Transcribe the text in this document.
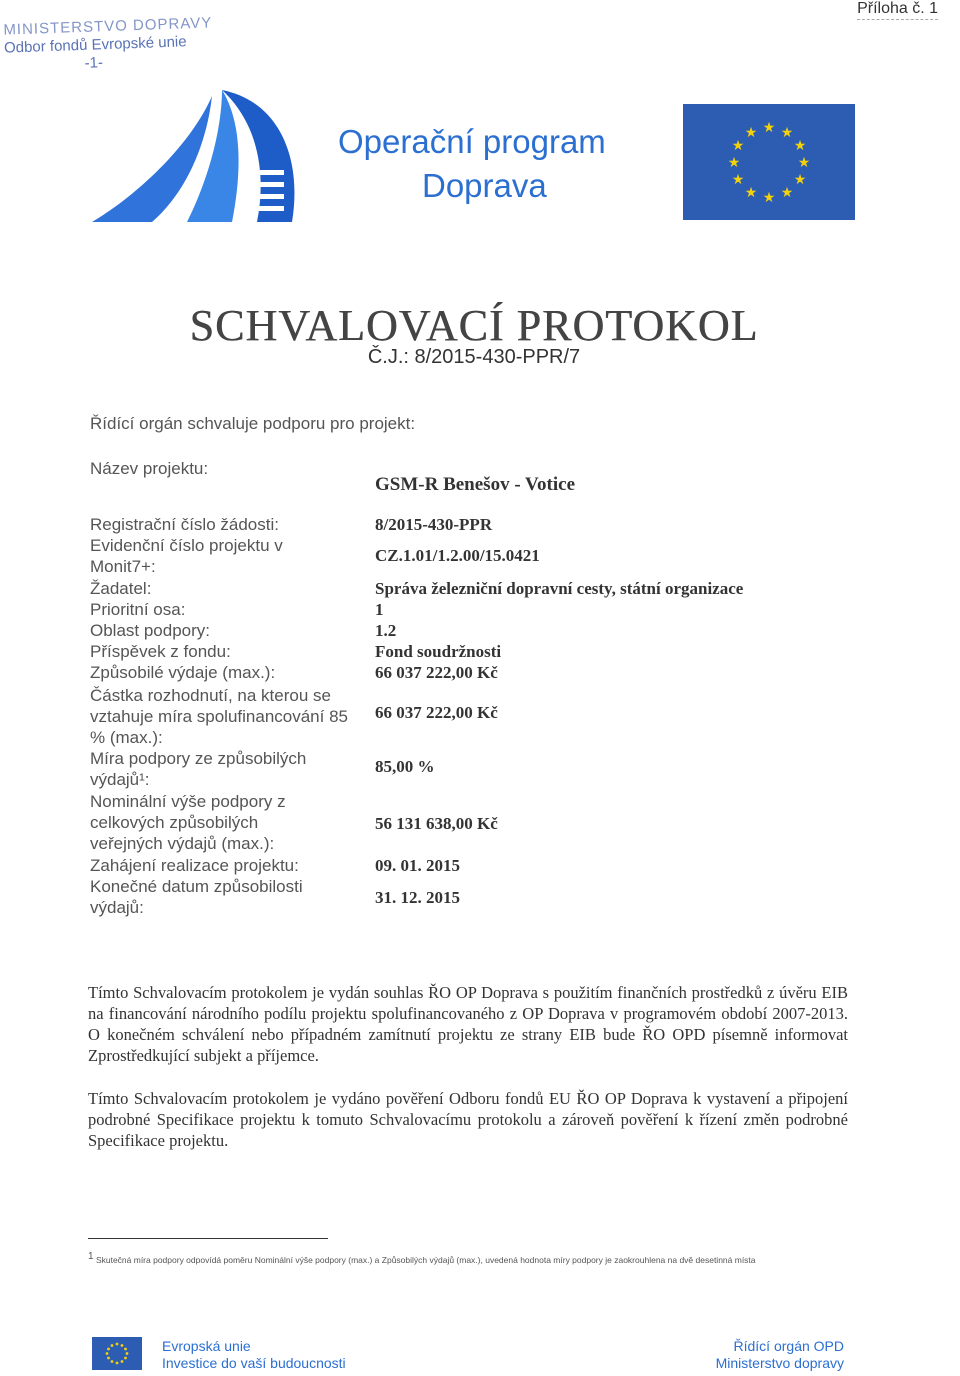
MINISTERSTVO DOPRAVY
Odbor fondů Evropské unie
-1-
Příloha č. 1
Operační program
Doprava
★ ★
★
★
★
★
★
★
★
★
★
★
SCHVALOVACÍ PROTOKOL
Č.J.: 8/2015-430-PPR/7
Řídící orgán schvaluje podporu pro projekt:
Název projektu:
GSM-R Benešov - Votice
Registrační číslo žádosti:	8/2015-430-PPR
Evidenční číslo projektu v Monit7+:
CZ.1.01/1.2.00/15.0421
Žadatel:	Správa železniční dopravní cesty, státní organizace
Prioritní osa:	1
Oblast podpory:	1.2
Příspěvek z fondu:	Fond soudržnosti
Způsobilé výdaje (max.):	66 037 222,00 Kč
Částka rozhodnutí, na kterou se vztahuje míra spolufinancování 85 % (max.):
66 037 222,00 Kč
Míra podpory ze způsobilých výdajů¹:
85,00 %
Nominální výše podpory z celkových způsobilých veřejných výdajů (max.):
56 131 638,00 Kč
Zahájení realizace projektu:	09. 01. 2015
Konečné datum způsobilosti výdajů:
31. 12. 2015
Tímto Schvalovacím protokolem je vydán souhlas ŘO OP Doprava s použitím finančních prostředků z úvěru EIB na financování národního podílu projektu spolufinancovaného z OP Doprava v programovém období 2007-2013. O konečném schválení nebo případném zamítnutí projektu ze strany EIB bude ŘO OPD písemně informovat Zprostředkující subjekt a příjemce.
Tímto Schvalovacím protokolem je vydáno pověření Odboru fondů EU ŘO OP Doprava k vystavení a připojení podrobné Specifikace projektu k tomuto Schvalovacímu protokolu a zároveň pověření k řízení změn podrobné Specifikace projektu.
$^1$ Skutečná míra podpory odpovídá poměru Nominální výše podpory (max.) a Způsobilých výdajů (max.), uvedená hodnota míry podpory je zaokrouhlena na dvě desetinná místa
Evropská unie
Investice do vaší budoucnosti
Řídící orgán OPD
Ministerstvo dopravy
